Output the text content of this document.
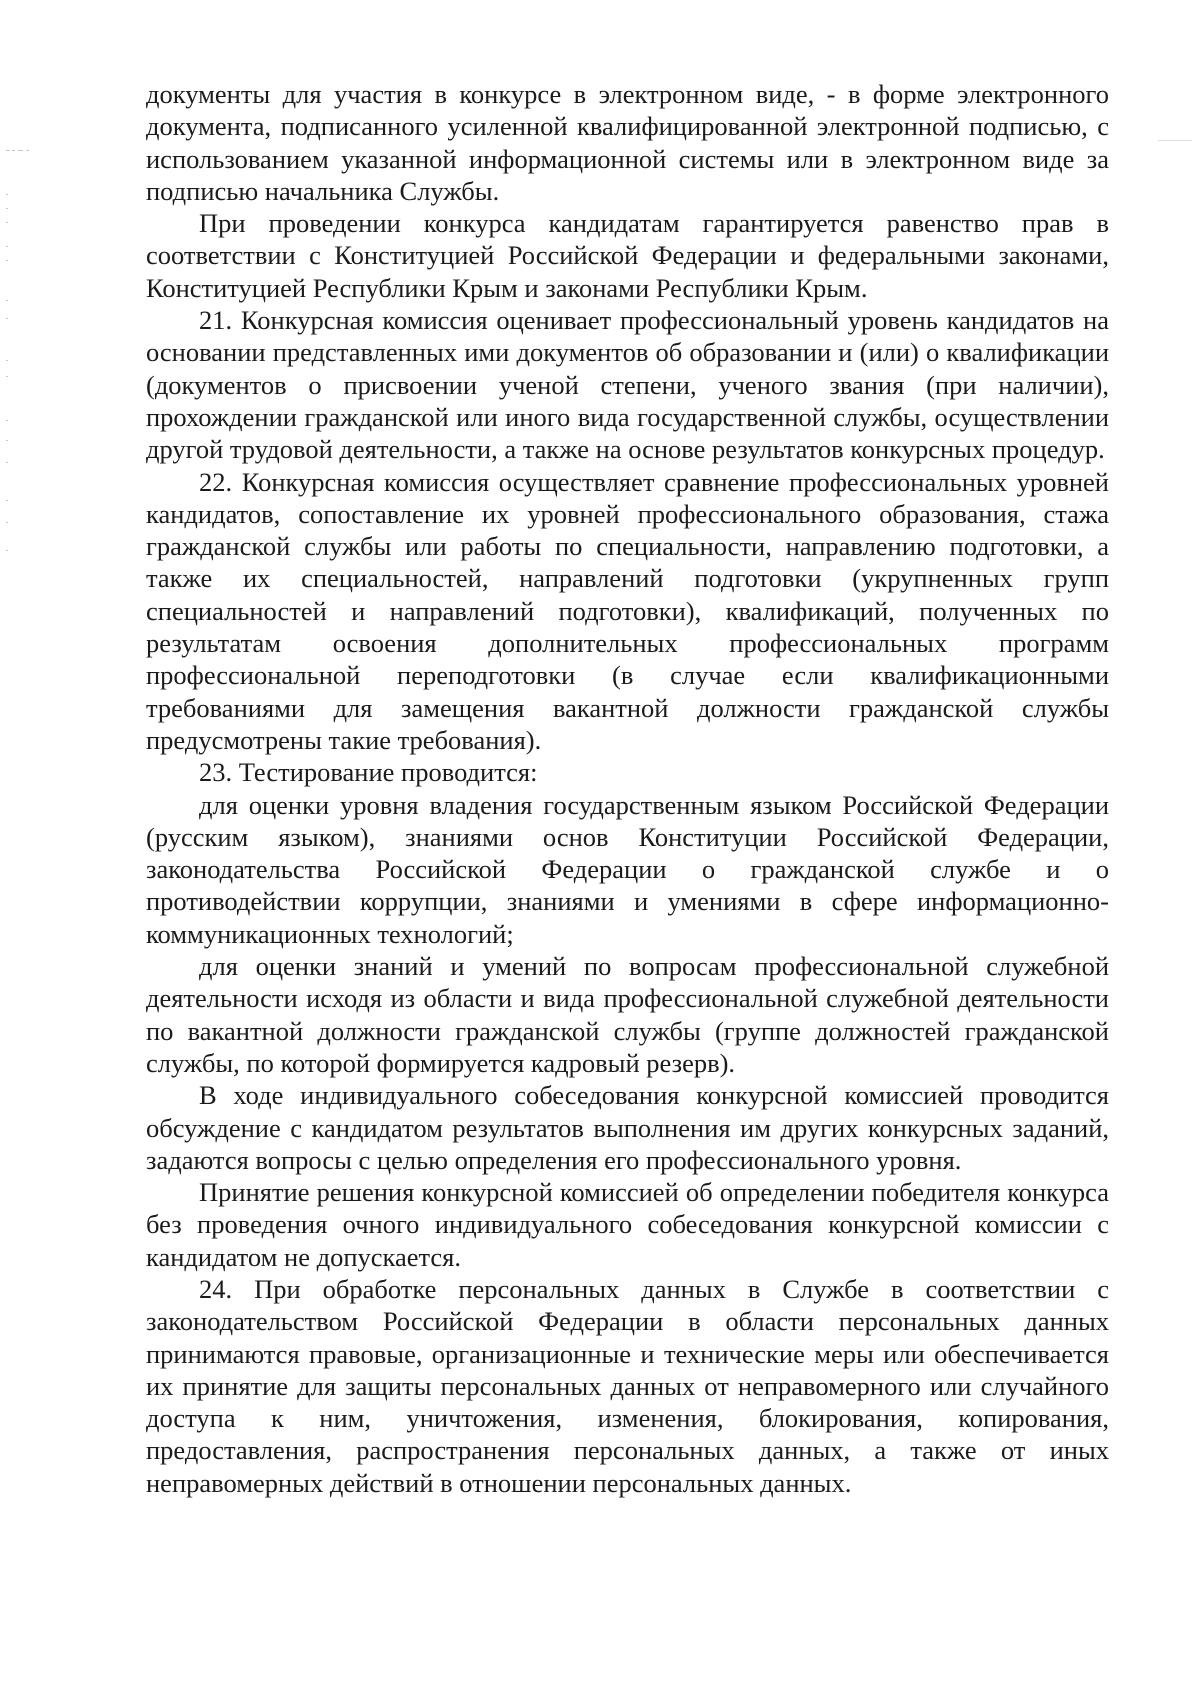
документы для участия в конкурсе в электронном виде, - в форме электронного документа, подписанного усиленной квалифицированной электронной подписью, с использованием указанной информационной системы или в электронном виде за подписью начальника Службы.

При проведении конкурса кандидатам гарантируется равенство прав в соответствии с Конституцией Российской Федерации и федеральными законами, Конституцией Республики Крым и законами Республики Крым.

21. Конкурсная комиссия оценивает профессиональный уровень кандидатов на основании представленных ими документов об образовании и (или) о квалификации (документов о присвоении ученой степени, ученого звания (при наличии), прохождении гражданской или иного вида государственной службы, осуществлении другой трудовой деятельности, а также на основе результатов конкурсных процедур.

22. Конкурсная комиссия осуществляет сравнение профессиональных уровней кандидатов, сопоставление их уровней профессионального образования, стажа гражданской службы или работы по специальности, направлению подготовки, а также их специальностей, направлений подготовки (укрупненных групп специальностей и направлений подготовки), квалификаций, полученных по результатам освоения дополнительных профессиональных программ профессиональной переподготовки (в случае если квалификационными требованиями для замещения вакантной должности гражданской службы предусмотрены такие требования).

23. Тестирование проводится:

для оценки уровня владения государственным языком Российской Федерации (русским языком), знаниями основ Конституции Российской Федерации, законодательства Российской Федерации о гражданской службе и о противодействии коррупции, знаниями и умениями в сфере информационно-коммуникационных технологий;

для оценки знаний и умений по вопросам профессиональной служебной деятельности исходя из области и вида профессиональной служебной деятельности по вакантной должности гражданской службы (группе должностей гражданской службы, по которой формируется кадровый резерв).

В ходе индивидуального собеседования конкурсной комиссией проводится обсуждение с кандидатом результатов выполнения им других конкурсных заданий, задаются вопросы с целью определения его профессионального уровня.

Принятие решения конкурсной комиссией об определении победителя конкурса без проведения очного индивидуального собеседования конкурсной комиссии с кандидатом не допускается.

24. При обработке персональных данных в Службе в соответствии с законодательством Российской Федерации в области персональных данных принимаются правовые, организационные и технические меры или обеспечивается их принятие для защиты персональных данных от неправомерного или случайного доступа к ним, уничтожения, изменения, блокирования, копирования, предоставления, распространения персональных данных, а также от иных неправомерных действий в отношении персональных данных.
